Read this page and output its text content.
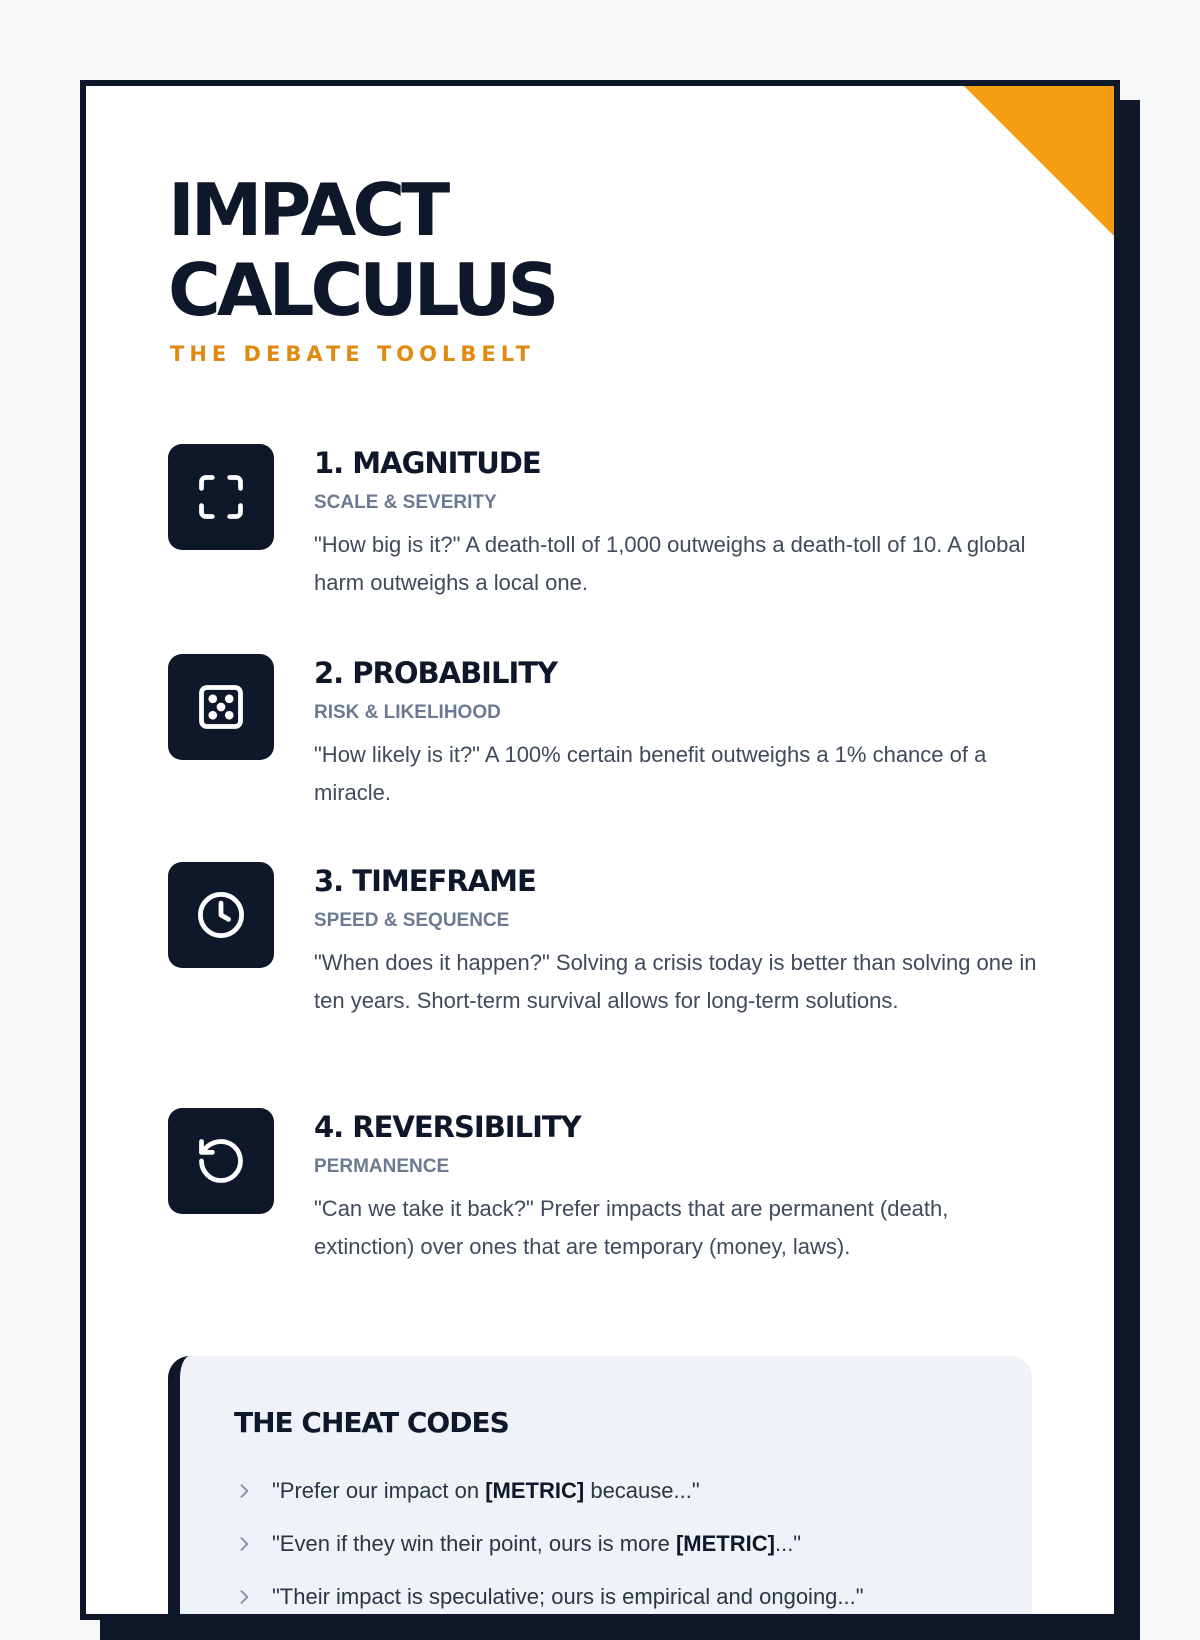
IMPACT
CALCULUS
THE DEBATE TOOLBELT
1. MAGNITUDE
SCALE & SEVERITY

"How big is it?" A death-toll of 1,000 outweighs a death-toll of 10. A global harm outweighs a local one.

2. PROBABILITY
RISK & LIKELIHOOD

"How likely is it?" A 100% certain benefit outweighs a 1% chance of a miracle.

3. TIMEFRAME
SPEED & SEQUENCE

"When does it happen?" Solving a crisis today is better than solving one in ten years. Short-term survival allows for long-term solutions.

4. REVERSIBILITY
PERMANENCE

"Can we take it back?" Prefer impacts that are permanent (death, extinction) over ones that are temporary (money, laws).

THE CHEAT CODES
"Prefer our impact on [METRIC] because..."
"Even if they win their point, ours is more [METRIC]..."
"Their impact is speculative; ours is empirical and ongoing..."
